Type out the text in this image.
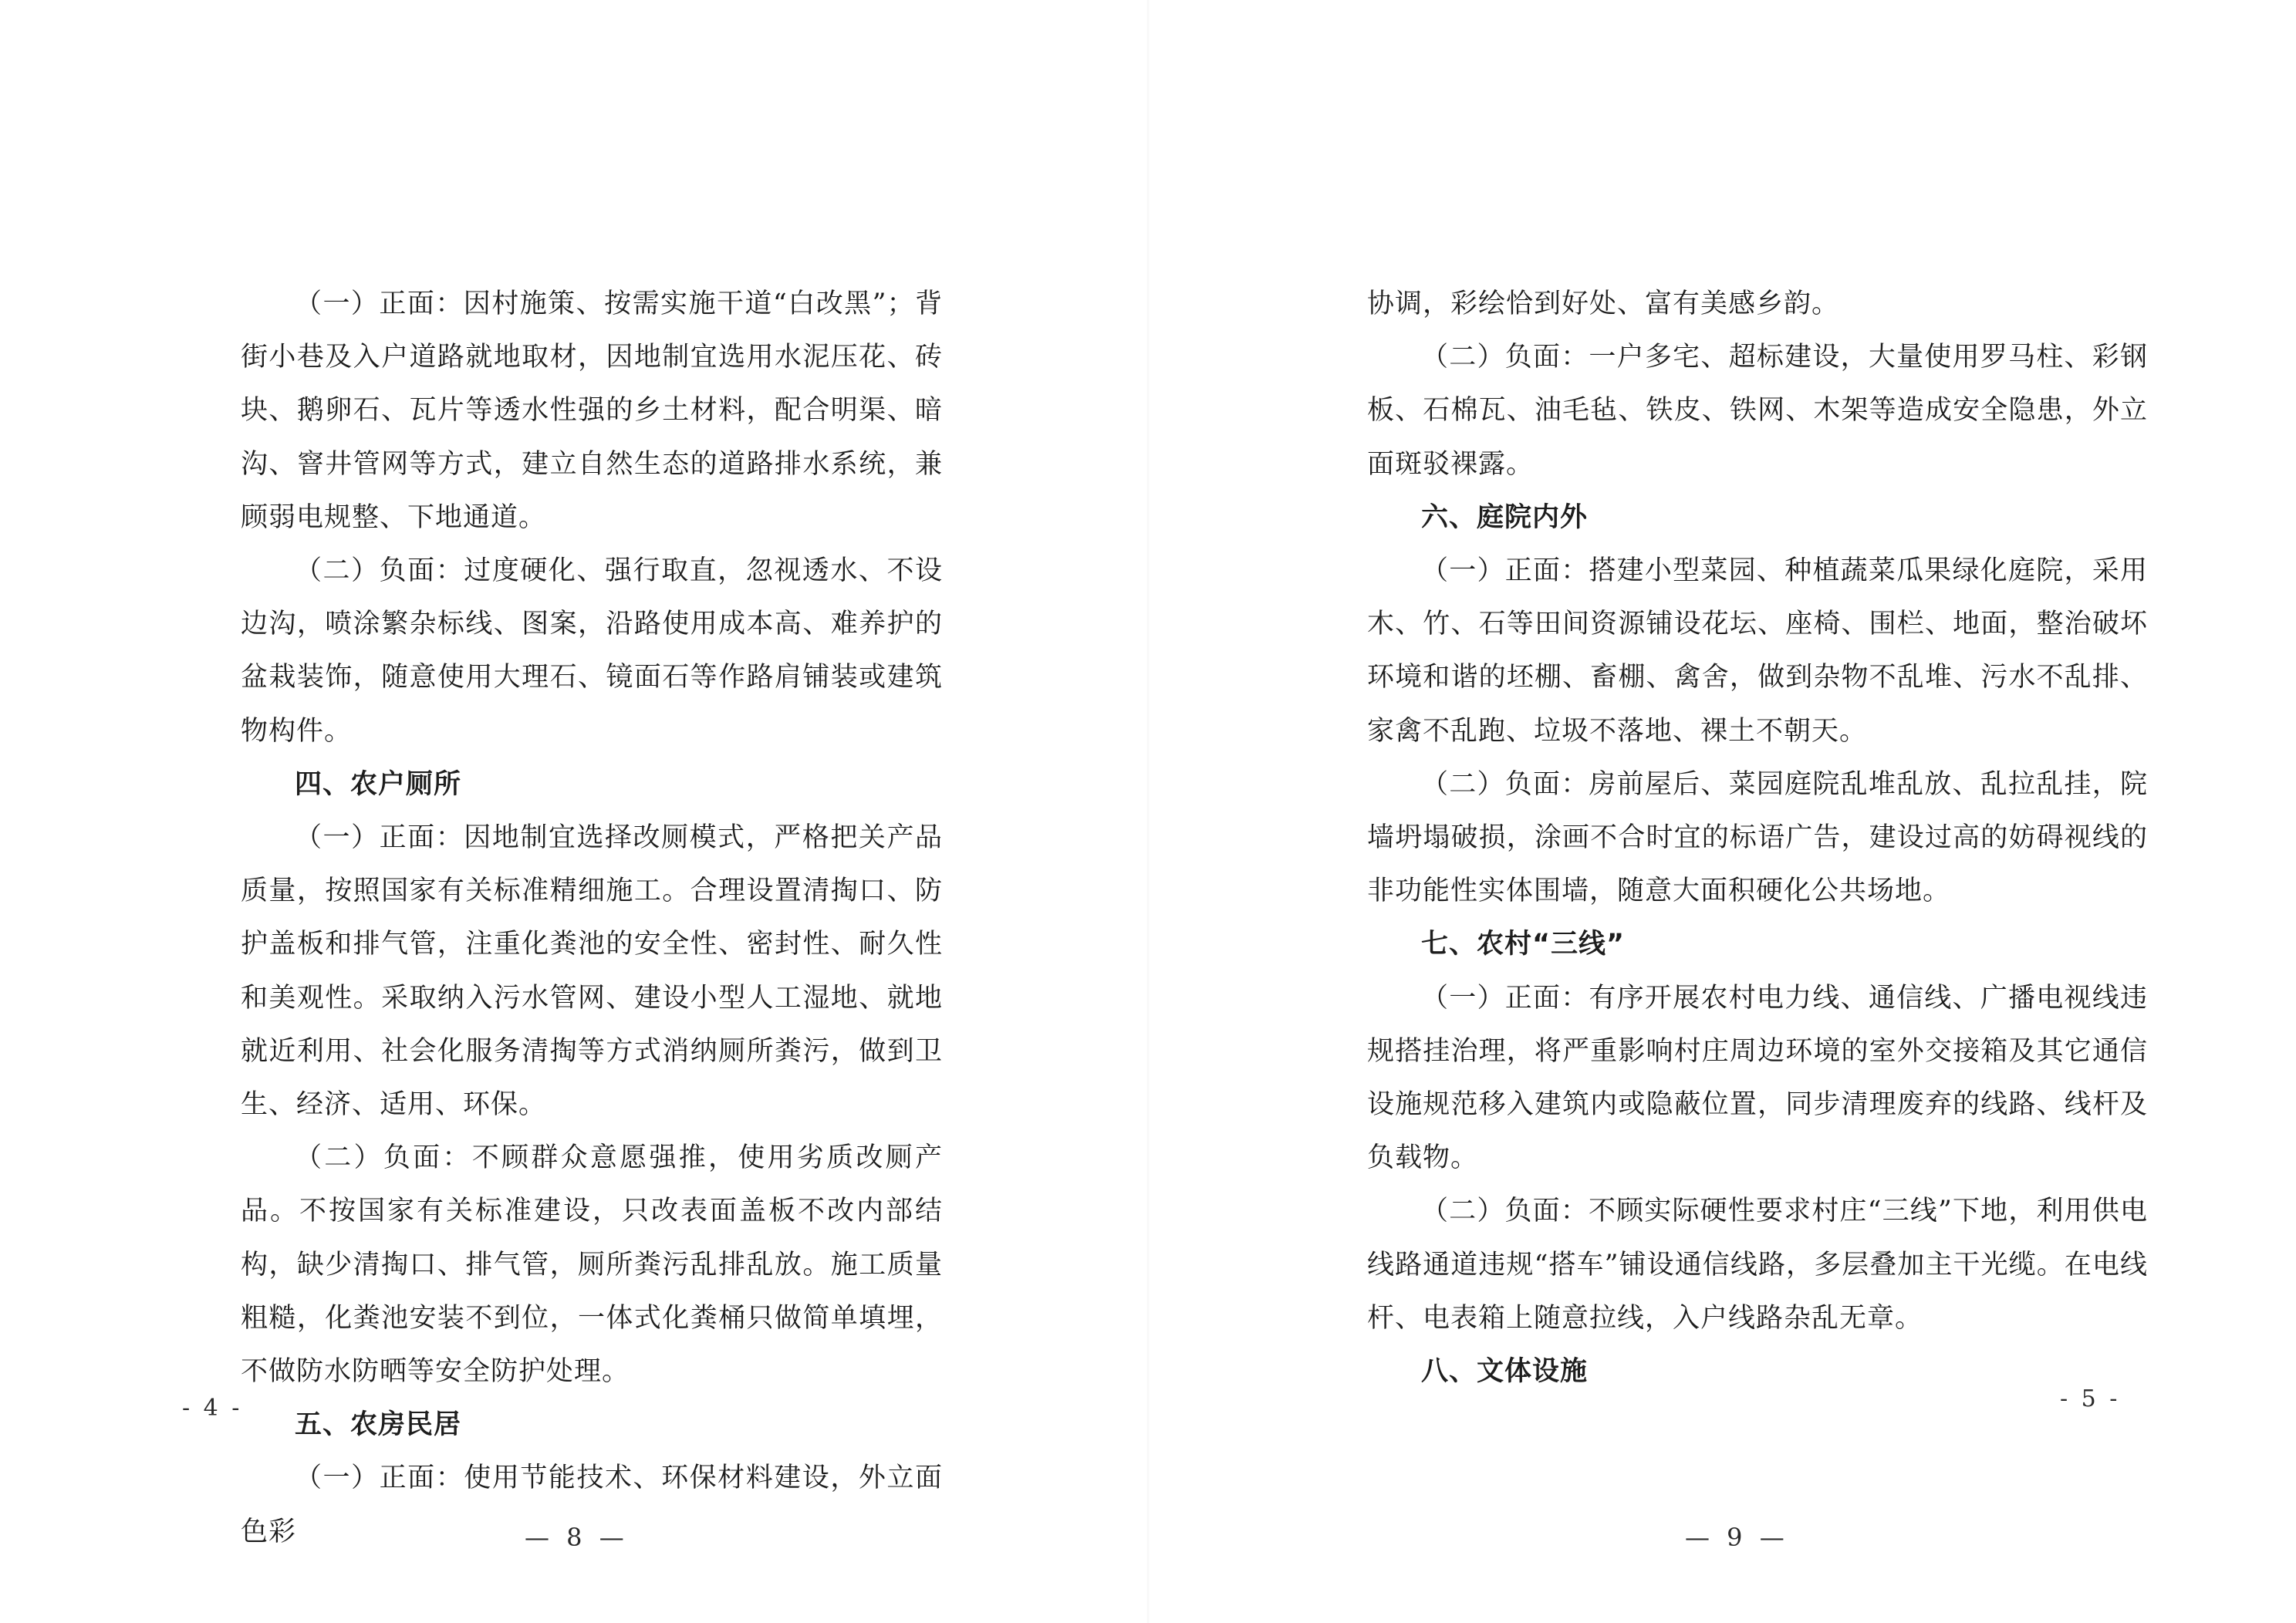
（一）正面：因村施策、按需实施干道“白改黑”；背街小巷及入户道路就地取材，因地制宜选用水泥压花、砖块、鹅卵石、瓦片等透水性强的乡土材料，配合明渠、暗沟、窨井管网等方式，建立自然生态的道路排水系统，兼顾弱电规整、下地通道。

（二）负面：过度硬化、强行取直，忽视透水、不设边沟，喷涂繁杂标线、图案，沿路使用成本高、难养护的盆栽装饰，随意使用大理石、镜面石等作路肩铺装或建筑物构件。

四、农户厕所

（一）正面：因地制宜选择改厕模式，严格把关产品质量，按照国家有关标准精细施工。合理设置清掏口、防护盖板和排气管，注重化粪池的安全性、密封性、耐久性和美观性。采取纳入污水管网、建设小型人工湿地、就地就近利用、社会化服务清掏等方式消纳厕所粪污，做到卫生、经济、适用、环保。

（二）负面：不顾群众意愿强推，使用劣质改厕产品。不按国家有关标准建设，只改表面盖板不改内部结构，缺少清掏口、排气管，厕所粪污乱排乱放。施工质量粗糙，化粪池安装不到位，一体式化粪桶只做简单填埋，不做防水防晒等安全防护处理。

五、农房民居

（一）正面：使用节能技术、环保材料建设，外立面色彩

- 4 -
— 8 —

协调，彩绘恰到好处、富有美感乡韵。

（二）负面：一户多宅、超标建设，大量使用罗马柱、彩钢板、石棉瓦、油毛毡、铁皮、铁网、木架等造成安全隐患，外立面斑驳裸露。

六、庭院内外

（一）正面：搭建小型菜园、种植蔬菜瓜果绿化庭院，采用木、竹、石等田间资源铺设花坛、座椅、围栏、地面，整治破坏环境和谐的坯棚、畜棚、禽舍，做到杂物不乱堆、污水不乱排、家禽不乱跑、垃圾不落地、裸土不朝天。

（二）负面：房前屋后、菜园庭院乱堆乱放、乱拉乱挂，院墙坍塌破损，涂画不合时宜的标语广告，建设过高的妨碍视线的非功能性实体围墙，随意大面积硬化公共场地。

七、农村“三线”

（一）正面：有序开展农村电力线、通信线、广播电视线违规搭挂治理，将严重影响村庄周边环境的室外交接箱及其它通信设施规范移入建筑内或隐蔽位置，同步清理废弃的线路、线杆及负载物。

（二）负面：不顾实际硬性要求村庄“三线”下地，利用供电线路通道违规“搭车”铺设通信线路，多层叠加主干光缆。在电线杆、电表箱上随意拉线，入户线路杂乱无章。

八、文体设施

- 5 -
— 9 —
